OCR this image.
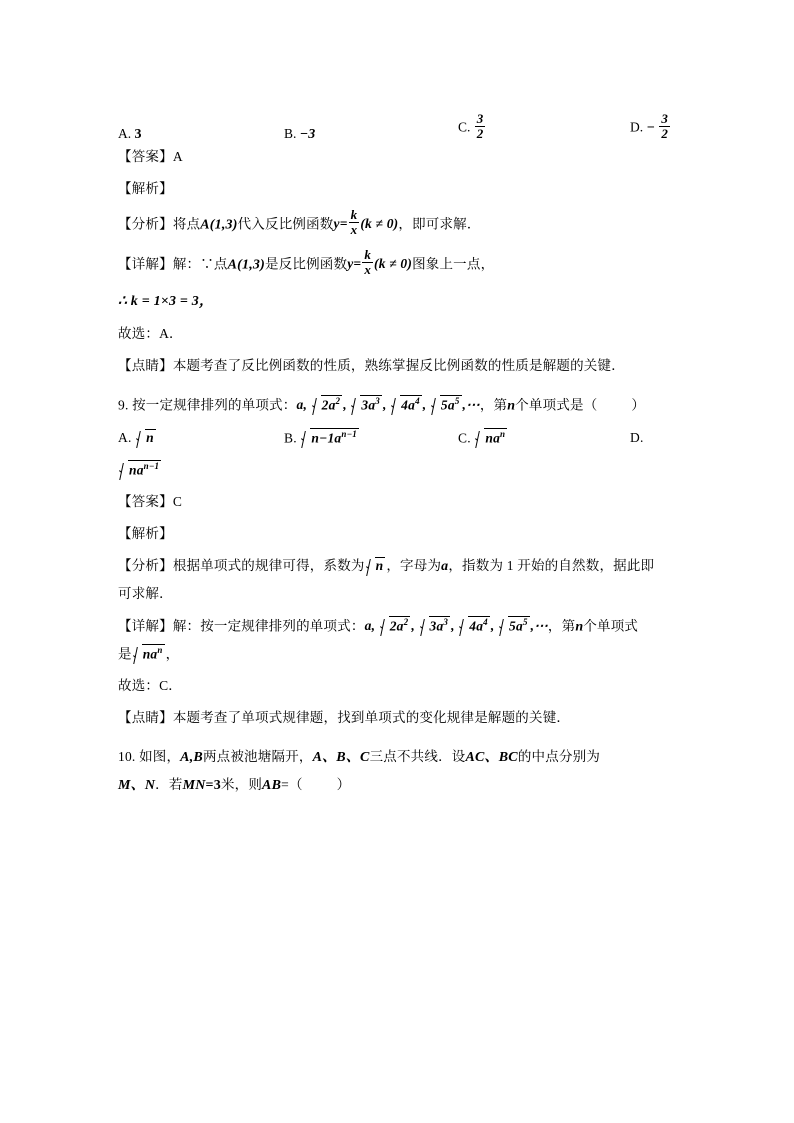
A. 3	B. −3	C. $\frac{3}{2}$	D. − $\frac{3}{2}$
【答案】A
【解析】
【分析】将点A(1,3)代入反比例函数$y= \frac{k}{x} (k \ne 0)$，即可求解．
【详解】解：∵点A(1,3)是反比例函数$y= \frac{k}{x} (k \ne 0)$图象上一点，
∴ k = 1×3 = 3，
故选：A．
【点睛】本题考查了反比例函数的性质，熟练掌握反比例函数的性质是解题的关键．
9. 按一定规律排列的单项式：a, $2a^2$ , $3a^3$ , $4a^4$ , $5a^5$ ,⋯，第n个单项式是（	）
A. n	B. $n-1a^{n-1}$	C. $na^n$	D.
$na^{n-1}$
【答案】C
【解析】
【分析】根据单项式的规律可得，系数为 n ，字母为a，指数为 1 开始的自然数，据此即
可求解．
【详解】解：按一定规律排列的单项式：a, $2a^2$ , $3a^3$ , $4a^4$ , $5a^5$ ,⋯，第n个单项式
是 $na^n$ ，
故选：C．
【点睛】本题考查了单项式规律题，找到单项式的变化规律是解题的关键．
10. 如图，A,B两点被池塘隔开，A、B、C三点不共线．设AC、BC的中点分别为
M、N．若MN=3米，则AB=（	）
